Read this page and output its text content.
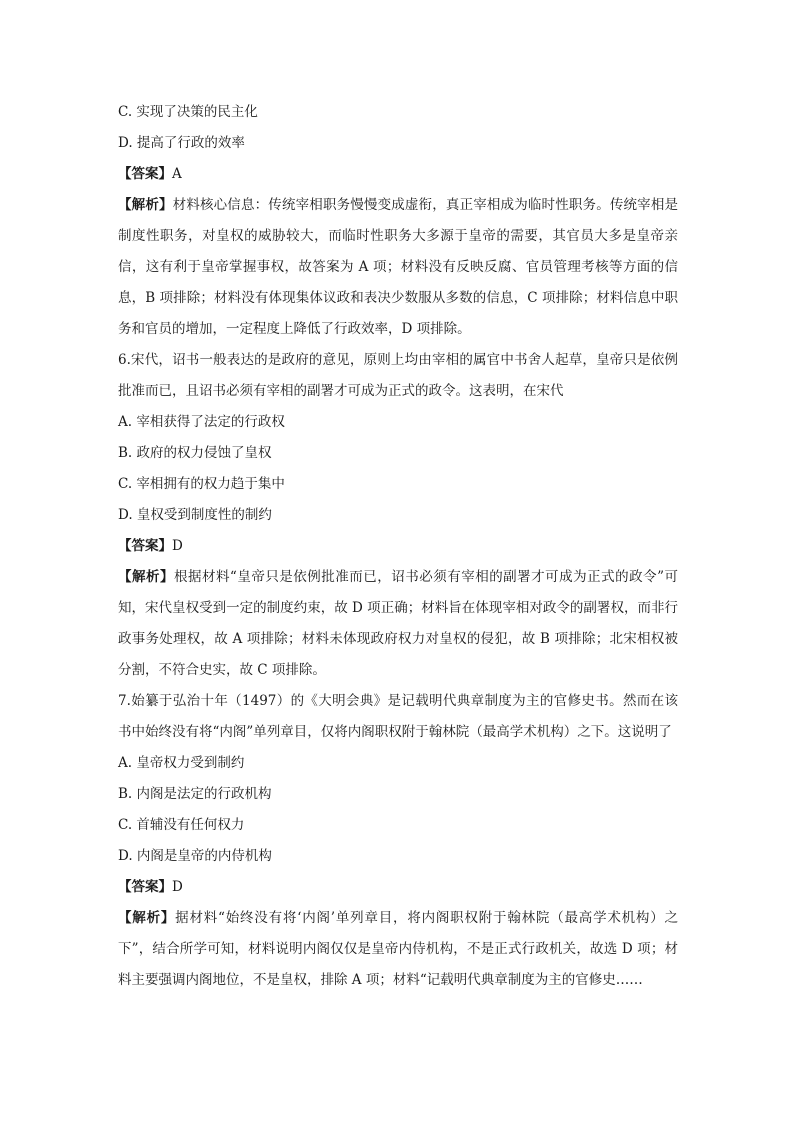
C. 实现了决策的民主化
D. 提高了行政的效率
【答案】A
【解析】材料核心信息：传统宰相职务慢慢变成虚衔，真正宰相成为临时性职务。传统宰相是制度性职务，对皇权的威胁较大，而临时性职务大多源于皇帝的需要，其官员大多是皇帝亲信，这有利于皇帝掌握事权，故答案为 A 项；材料没有反映反腐、官员管理考核等方面的信息，B 项排除；材料没有体现集体议政和表决少数服从多数的信息，C 项排除；材料信息中职务和官员的增加，一定程度上降低了行政效率，D 项排除。
6.宋代，诏书一般表达的是政府的意见，原则上均由宰相的属官中书舍人起草，皇帝只是依例批准而已，且诏书必须有宰相的副署才可成为正式的政令。这表明，在宋代
A. 宰相获得了法定的行政权
B. 政府的权力侵蚀了皇权
C. 宰相拥有的权力趋于集中
D. 皇权受到制度性的制约
【答案】D
【解析】根据材料“皇帝只是依例批准而已，诏书必须有宰相的副署才可成为正式的政令”可知，宋代皇权受到一定的制度约束，故 D 项正确；材料旨在体现宰相对政令的副署权，而非行政事务处理权，故 A 项排除；材料未体现政府权力对皇权的侵犯，故 B 项排除；北宋相权被分割，不符合史实，故 C 项排除。
7.始纂于弘治十年（1497）的《大明会典》是记载明代典章制度为主的官修史书。然而在该书中始终没有将“内阁”单列章目，仅将内阁职权附于翰林院（最高学术机构）之下。这说明了
A. 皇帝权力受到制约
B. 内阁是法定的行政机构
C. 首辅没有任何权力
D. 内阁是皇帝的内侍机构
【答案】D
【解析】据材料“始终没有将‘内阁’单列章目，将内阁职权附于翰林院（最高学术机构）之下”，结合所学可知，材料说明内阁仅仅是皇帝内侍机构，不是正式行政机关，故选 D 项；材料主要强调内阁地位，不是皇权，排除 A 项；材料“记载明代典章制度为主的官修史……
